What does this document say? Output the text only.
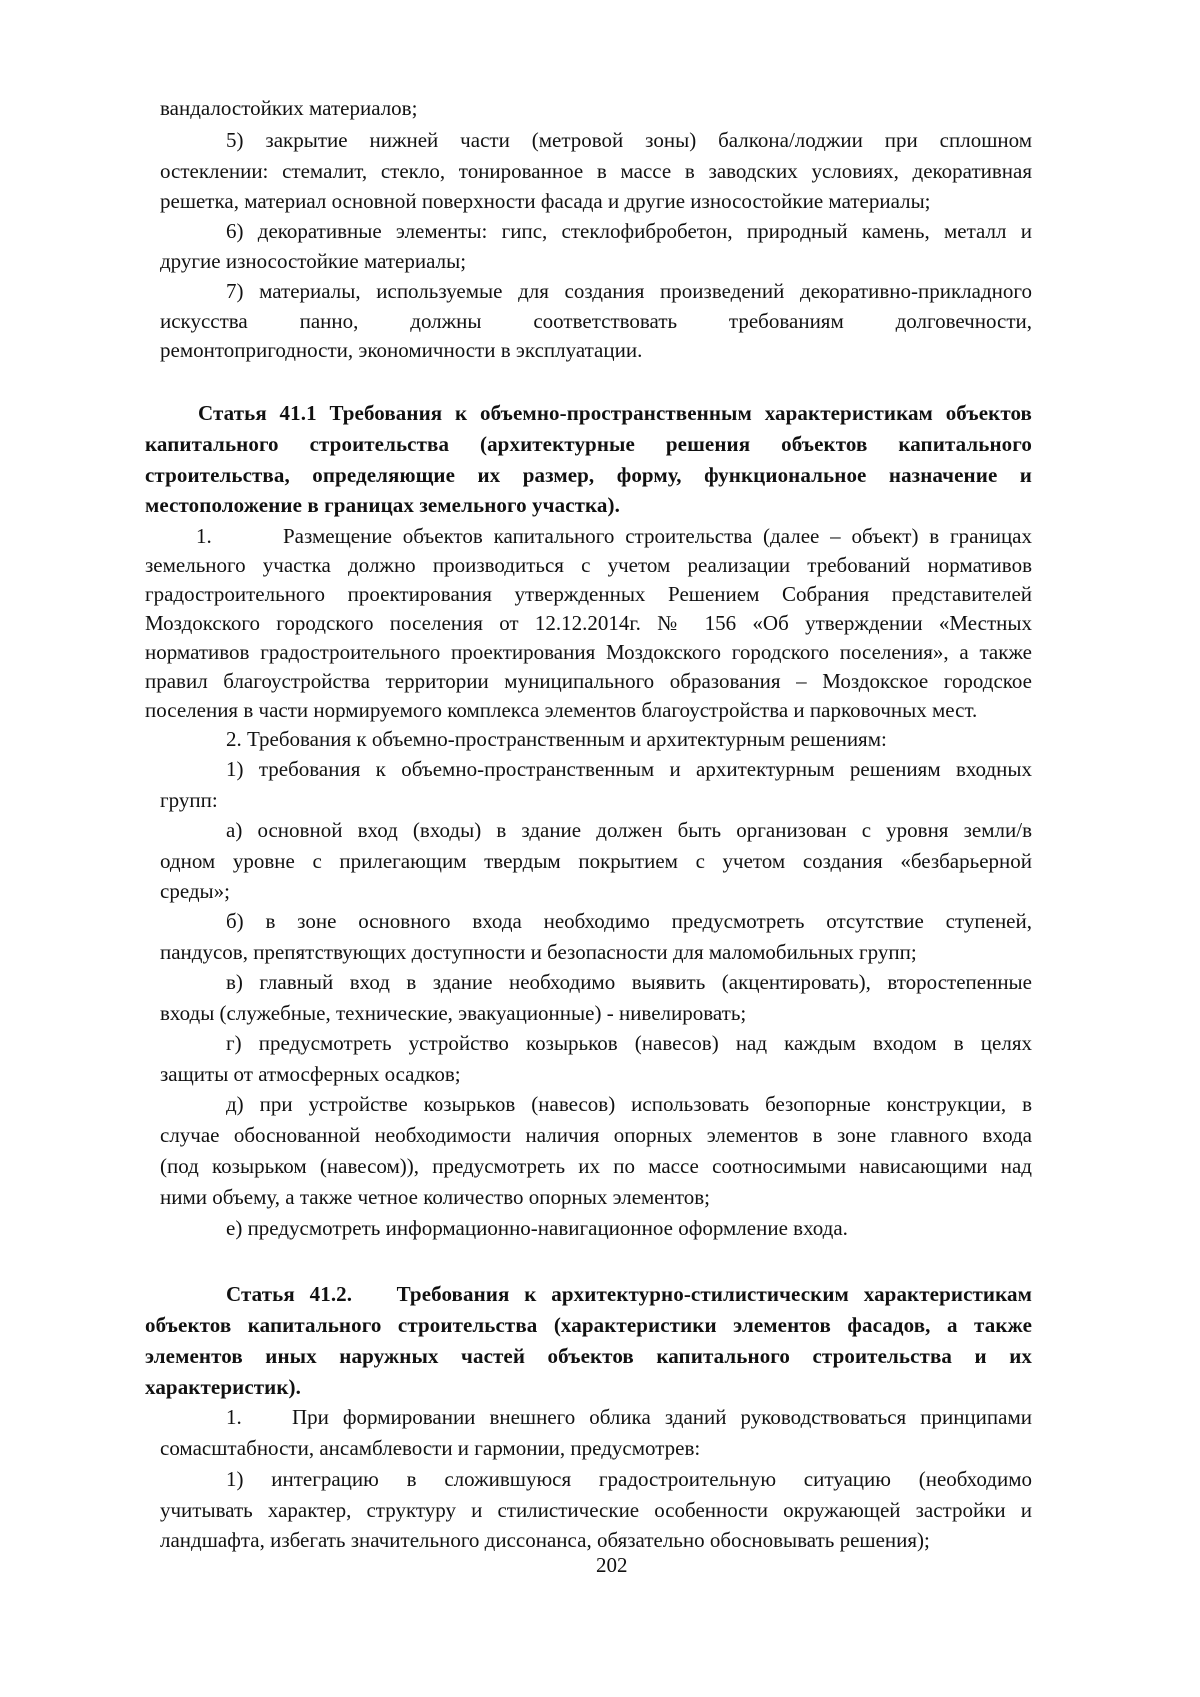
вандалостойких материалов;
5) закрытие нижней части (метровой зоны) балкона/лоджии при сплошном
остеклении: стемалит, стекло, тонированное в массе в заводских условиях, декоративная
решетка, материал основной поверхности фасада и другие износостойкие материалы;
6) декоративные элементы: гипс, стеклофибробетон, природный камень, металл и
другие износостойкие материалы;
7) материалы, используемые для создания произведений декоративно-прикладного
искусства панно, должны соответствовать требованиям долговечности,
ремонтопригодности, экономичности в эксплуатации.
Статья 41.1 Требования к объемно-пространственным характеристикам объектов
капитального строительства (архитектурные решения объектов капитального
строительства, определяющие их размер, форму, функциональное назначение и
местоположение в границах земельного участка).
1.	Размещение объектов капитального строительства (далее – объект) в границах
земельного участка должно производиться с учетом реализации требований нормативов
градостроительного проектирования утвержденных Решением Собрания представителей
Моздокского городского поселения от 12.12.2014г. № 156 «Об утверждении «Местных
нормативов градостроительного проектирования Моздокского городского поселения», а также
правил благоустройства территории муниципального образования – Моздокское городское
поселения в части нормируемого комплекса элементов благоустройства и парковочных мест.
2. Требования к объемно-пространственным и архитектурным решениям:
1) требования к объемно-пространственным и архитектурным решениям входных
групп:
а) основной вход (входы) в здание должен быть организован с уровня земли/в
одном уровне с прилегающим твердым покрытием с учетом создания «безбарьерной
среды»;
б) в зоне основного входа необходимо предусмотреть отсутствие ступеней,
пандусов, препятствующих доступности и безопасности для маломобильных групп;
в) главный вход в здание необходимо выявить (акцентировать), второстепенные
входы (служебные, технические, эвакуационные) - нивелировать;
г) предусмотреть устройство козырьков (навесов) над каждым входом в целях
защиты от атмосферных осадков;
д) при устройстве козырьков (навесов) использовать безопорные конструкции, в
случае обоснованной необходимости наличия опорных элементов в зоне главного входа
(под козырьком (навесом)), предусмотреть их по массе соотносимыми нависающими над
ними объему, а также четное количество опорных элементов;
е) предусмотреть информационно-навигационное оформление входа.
Статья 41.2.   Требования к архитектурно-стилистическим характеристикам
объектов капитального строительства (характеристики элементов фасадов, а также
элементов иных наружных частей объектов капитального строительства и их
характеристик).
1. При формировании внешнего облика зданий руководствоваться принципами
сомасштабности, ансамблевости и гармонии, предусмотрев:
1) интеграцию в сложившуюся градостроительную ситуацию (необходимо
учитывать характер, структуру и стилистические особенности окружающей застройки и
ландшафта, избегать значительного диссонанса, обязательно обосновывать решения);
202
